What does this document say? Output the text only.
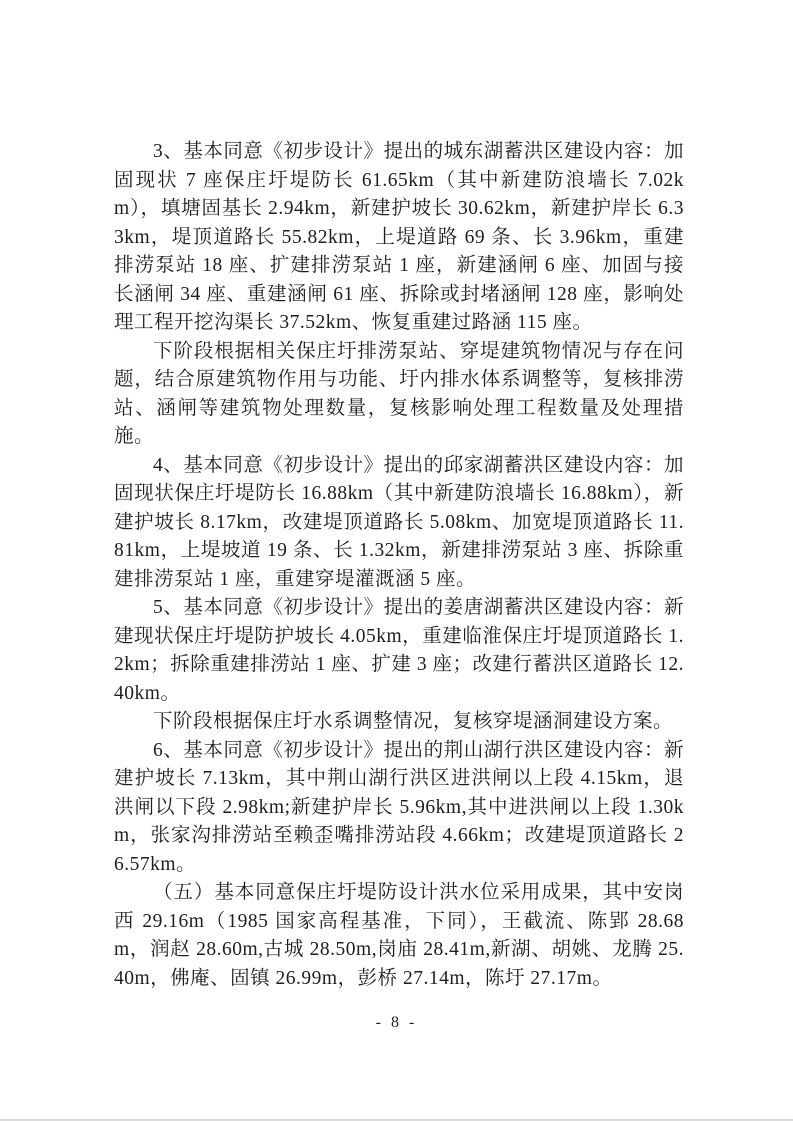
3、基本同意《初步设计》提出的城东湖蓄洪区建设内容：加固现状 7 座保庄圩堤防长 61.65km（其中新建防浪墙长 7.02km），填塘固基长 2.94km，新建护坡长 30.62km，新建护岸长 6.33km，堤顶道路长 55.82km，上堤道路 69 条、长 3.96km，重建排涝泵站 18 座、扩建排涝泵站 1 座，新建涵闸 6 座、加固与接长涵闸 34 座、重建涵闸 61 座、拆除或封堵涵闸 128 座，影响处理工程开挖沟渠长 37.52km、恢复重建过路涵 115 座。

下阶段根据相关保庄圩排涝泵站、穿堤建筑物情况与存在问题，结合原建筑物作用与功能、圩内排水体系调整等，复核排涝站、涵闸等建筑物处理数量，复核影响处理工程数量及处理措施。

4、基本同意《初步设计》提出的邱家湖蓄洪区建设内容：加固现状保庄圩堤防长 16.88km（其中新建防浪墙长 16.88km），新建护坡长 8.17km，改建堤顶道路长 5.08km、加宽堤顶道路长 11.81km，上堤坡道 19 条、长 1.32km，新建排涝泵站 3 座、拆除重建排涝泵站 1 座，重建穿堤灌溉涵 5 座。

5、基本同意《初步设计》提出的姜唐湖蓄洪区建设内容：新建现状保庄圩堤防护坡长 4.05km，重建临淮保庄圩堤顶道路长 1.2km；拆除重建排涝站 1 座、扩建 3 座；改建行蓄洪区道路长 12.40km。

下阶段根据保庄圩水系调整情况，复核穿堤涵洞建设方案。

6、基本同意《初步设计》提出的荆山湖行洪区建设内容：新建护坡长 7.13km，其中荆山湖行洪区进洪闸以上段 4.15km，退洪闸以下段 2.98km;新建护岸长 5.96km,其中进洪闸以上段 1.30km，张家沟排涝站至赖歪嘴排涝站段 4.66km；改建堤顶道路长 26.57km。

（五）基本同意保庄圩堤防设计洪水位采用成果，其中安岗西 29.16m（1985 国家高程基准，下同），王截流、陈郢 28.68m，润赵 28.60m,古城 28.50m,岗庙 28.41m,新湖、胡姚、龙腾 25.40m，佛庵、固镇 26.99m，彭桥 27.14m，陈圩 27.17m。

- 8 -
